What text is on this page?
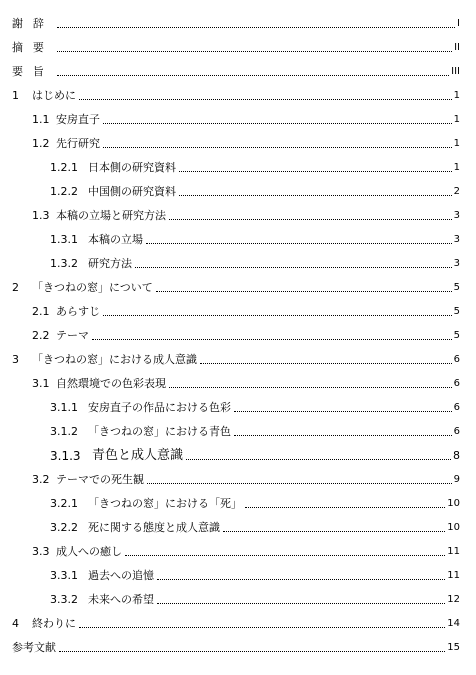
謝辞	I
摘要	II
要旨	III
1	はじめに	1
1.1 安房直子	1
1.2 先行研究	1
1.2.1 日本側の研究資料	1
1.2.2 中国側の研究資料	2
1.3 本稿の立場と研究方法	3
1.3.1 本稿の立場	3
1.3.2 研究方法	3
2	「きつねの窓」について	5
2.1 あらすじ	5
2.2 テーマ	5
3	「きつねの窓」における成人意識	6
3.1 自然環境での色彩表現	6
3.1.1 安房直子の作品における色彩	6
3.1.2 「きつねの窓」における青色	6
3.1.3 青色と成人意識	8
3.2 テーマでの死生観	9
3.2.1 「きつねの窓」における「死」	10
3.2.2 死に関する態度と成人意識	10
3.3 成人への癒し	11
3.3.1 過去への追憶	11
3.3.2 未来への希望	12
4	終わりに	14
参考文献	15
